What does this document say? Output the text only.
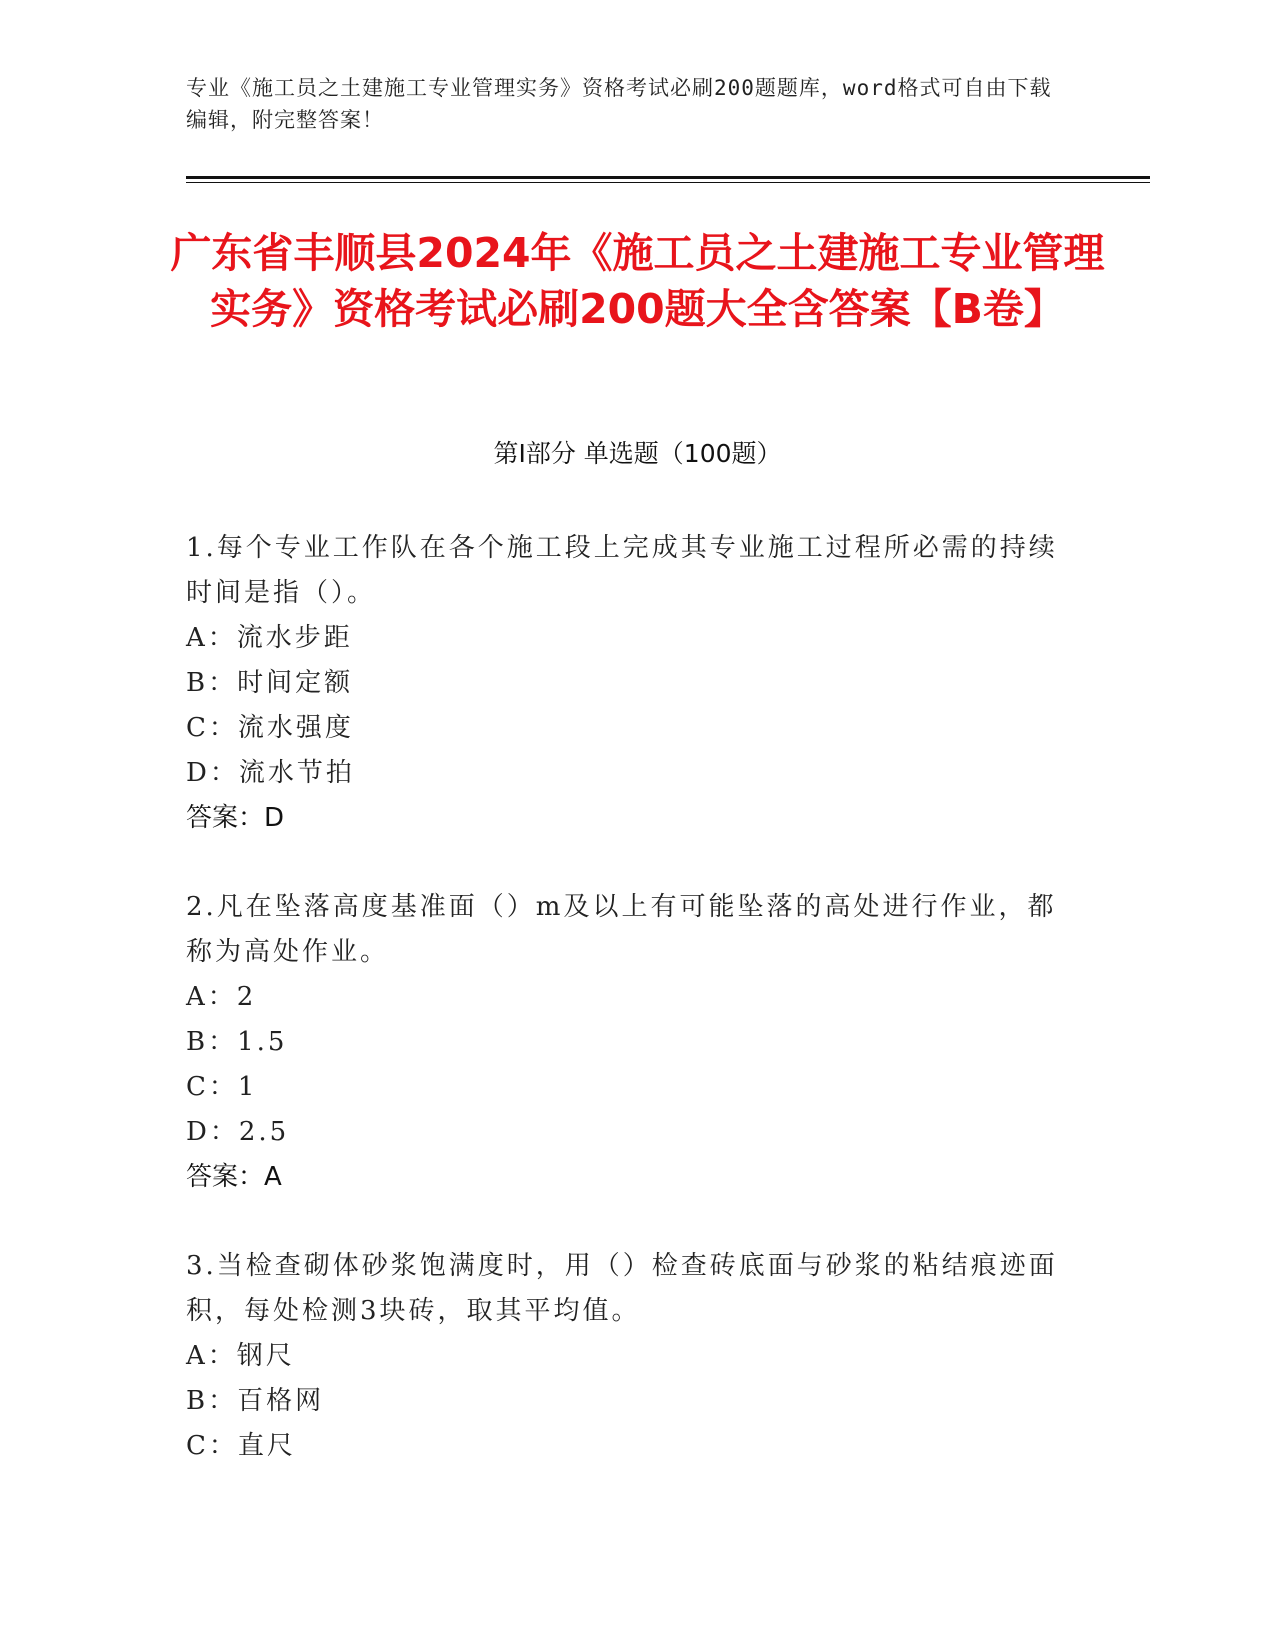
专业《施工员之土建施工专业管理实务》资格考试必刷200题题库，word格式可自由下载编辑，附完整答案！
广东省丰顺县2024年《施工员之土建施工专业管理实务》资格考试必刷200题大全含答案【B卷】
第Ⅰ部分 单选题（100题）
1.每个专业工作队在各个施工段上完成其专业施工过程所必需的持续时间是指（）。
A：流水步距
B：时间定额
C：流水强度
D：流水节拍
答案：D
2.凡在坠落高度基准面（）m及以上有可能坠落的高处进行作业，都称为高处作业。
A：2
B：1.5
C：1
D：2.5
答案：A
3.当检查砌体砂浆饱满度时，用（）检查砖底面与砂浆的粘结痕迹面积，每处检测3块砖，取其平均值。
A：钢尺
B：百格网
C：直尺
